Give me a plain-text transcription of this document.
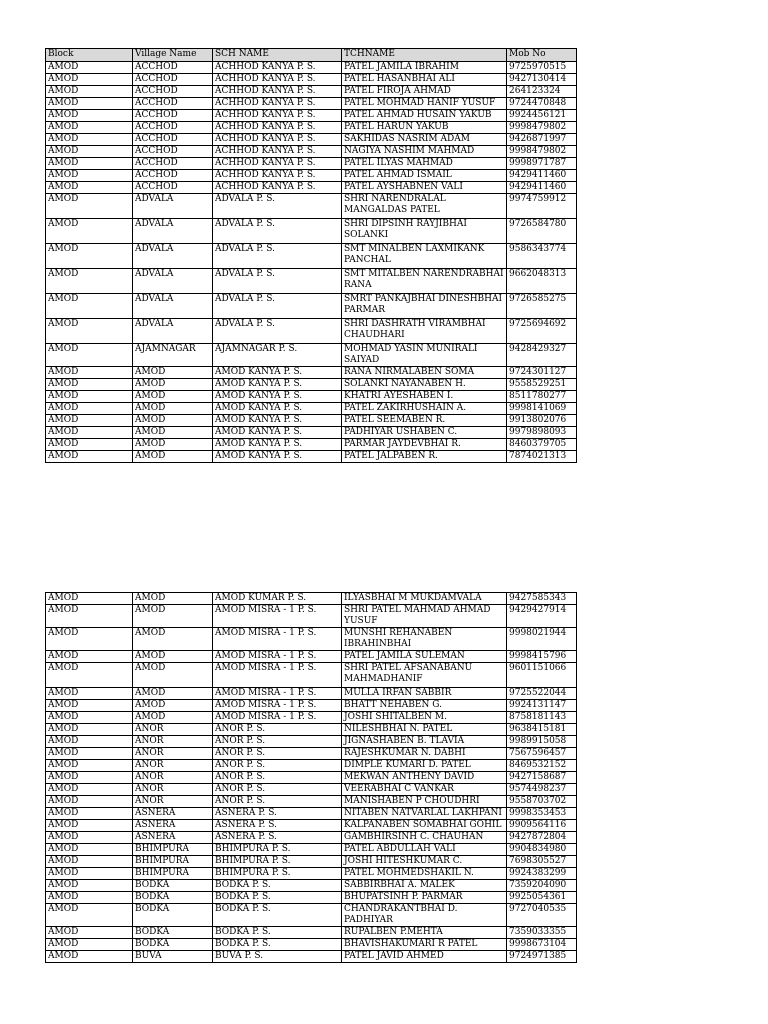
Block	Village Name	SCH NAME	TCHNAME	Mob No
AMOD	ACCHOD	ACHHOD KANYA P. S.	PATEL JAMILA IBRAHIM	9725970515
AMOD	ACCHOD	ACHHOD KANYA P. S.	PATEL HASANBHAI ALI	9427130414
AMOD	ACCHOD	ACHHOD KANYA P. S.	PATEL FIROJA AHMAD	264123324
AMOD	ACCHOD	ACHHOD KANYA P. S.	PATEL MOHMAD HANIF YUSUF	9724470848
AMOD	ACCHOD	ACHHOD KANYA P. S.	PATEL AHMAD HUSAIN YAKUB	9924456121
AMOD	ACCHOD	ACHHOD KANYA P. S.	PATEL HARUN YAKUB	9998479802
AMOD	ACCHOD	ACHHOD KANYA P. S.	SAKHIDAS NASRIM ADAM	9426871997
AMOD	ACCHOD	ACHHOD KANYA P. S.	NAGIYA NASHIM MAHMAD	9998479802
AMOD	ACCHOD	ACHHOD KANYA P. S.	PATEL ILYAS MAHMAD	9998971787
AMOD	ACCHOD	ACHHOD KANYA P. S.	PATEL AHMAD ISMAIL	9429411460
AMOD	ACCHOD	ACHHOD KANYA P. S.	PATEL AYSHABNEN VALI	9429411460
AMOD	ADVALA	ADVALA P. S.	SHRI NARENDRALAL MANGALDAS PATEL	9974759912
AMOD	ADVALA	ADVALA P. S.	SHRI DIPSINH RAYJIBHAI SOLANKI	9726584780
AMOD	ADVALA	ADVALA P. S.	SMT MINALBEN LAXMIKANK PANCHAL	9586343774
AMOD	ADVALA	ADVALA P. S.	SMT MITALBEN NARENDRABHAI RANA	9662048313
AMOD	ADVALA	ADVALA P. S.	SMRT PANKAJBHAI DINESHBHAI PARMAR	9726585275
AMOD	ADVALA	ADVALA P. S.	SHRI DASHRATH VIRAMBHAI CHAUDHARI	9725694692
AMOD	AJAMNAGAR	AJAMNAGAR P. S.	MOHMAD YASIN MUNIRALI SAIYAD	9428429327
AMOD	AMOD	AMOD KANYA P. S.	RANA NIRMALABEN SOMA	9724301127
AMOD	AMOD	AMOD KANYA P. S.	SOLANKI NAYANABEN H.	9558529251
AMOD	AMOD	AMOD KANYA P. S.	KHATRI AYESHABEN I.	8511780277
AMOD	AMOD	AMOD KANYA P. S.	PATEL ZAKIRHUSHAIN A.	9998141069
AMOD	AMOD	AMOD KANYA P. S.	PATEL SEEMABEN R.	9913802076
AMOD	AMOD	AMOD KANYA P. S.	PADHIYAR USHABEN C.	9979898093
AMOD	AMOD	AMOD KANYA P. S.	PARMAR JAYDEVBHAI R.	8460379705
AMOD	AMOD	AMOD KANYA P. S.	PATEL JALPABEN R.	7874021313
AMOD	AMOD	AMOD KUMAR P. S.	ILYASBHAI M MUKDAMVALA	9427585343
AMOD	AMOD	AMOD MISRA - 1 P. S.	SHRI PATEL MAHMAD AHMAD YUSUF	9429427914
AMOD	AMOD	AMOD MISRA - 1 P. S.	MUNSHI REHANABEN IBRAHINBHAI	9998021944
AMOD	AMOD	AMOD MISRA - 1 P. S.	PATEL JAMILA SULEMAN	9998415796
AMOD	AMOD	AMOD MISRA - 1 P. S.	SHRI PATEL AFSANABANU MAHMADHANIF	9601151066
AMOD	AMOD	AMOD MISRA - 1 P. S.	MULLA IRFAN SABBIR	9725522044
AMOD	AMOD	AMOD MISRA - 1 P. S.	BHATT NEHABEN G.	9924131147
AMOD	AMOD	AMOD MISRA - 1 P. S.	JOSHI SHITALBEN M.	8758181143
AMOD	ANOR	ANOR P. S.	NILESHBHAI N. PATEL	9638415181
AMOD	ANOR	ANOR P. S.	JIGNASHABEN B. TLAVIA	9989915058
AMOD	ANOR	ANOR P. S.	RAJESHKUMAR N. DABHI	7567596457
AMOD	ANOR	ANOR P. S.	DIMPLE KUMARI D. PATEL	8469532152
AMOD	ANOR	ANOR P. S.	MEKWAN ANTHENY DAVID	9427158687
AMOD	ANOR	ANOR P. S.	VEERABHAI C VANKAR	9574498237
AMOD	ANOR	ANOR P. S.	MANISHABEN P CHOUDHRI	9558703702
AMOD	ASNERA	ASNERA P. S.	NITABEN NATVARLAL LAKHPANI	9998353453
AMOD	ASNERA	ASNERA P. S.	KALPANABEN SOMABHAI GOHIL	9909564116
AMOD	ASNERA	ASNERA P. S.	GAMBHIRSINH C. CHAUHAN	9427872804
AMOD	BHIMPURA	BHIMPURA P. S.	PATEL ABDULLAH VALI	9904834980
AMOD	BHIMPURA	BHIMPURA P. S.	JOSHI HITESHKUMAR C.	7698305527
AMOD	BHIMPURA	BHIMPURA P. S.	PATEL MOHMEDSHAKIL N.	9924383299
AMOD	BODKA	BODKA P. S.	SABBIRBHAI A. MALEK	7359204090
AMOD	BODKA	BODKA P. S.	BHUPATSINH P. PARMAR	9925054361
AMOD	BODKA	BODKA P. S.	CHANDRAKANTBHAI D. PADHIYAR	9727040535
AMOD	BODKA	BODKA P. S.	RUPALBEN P.MEHTA	7359033355
AMOD	BODKA	BODKA P. S.	BHAVISHAKUMARI R PATEL	9998673104
AMOD	BUVA	BUVA P. S.	PATEL JAVID AHMED	9724971385
